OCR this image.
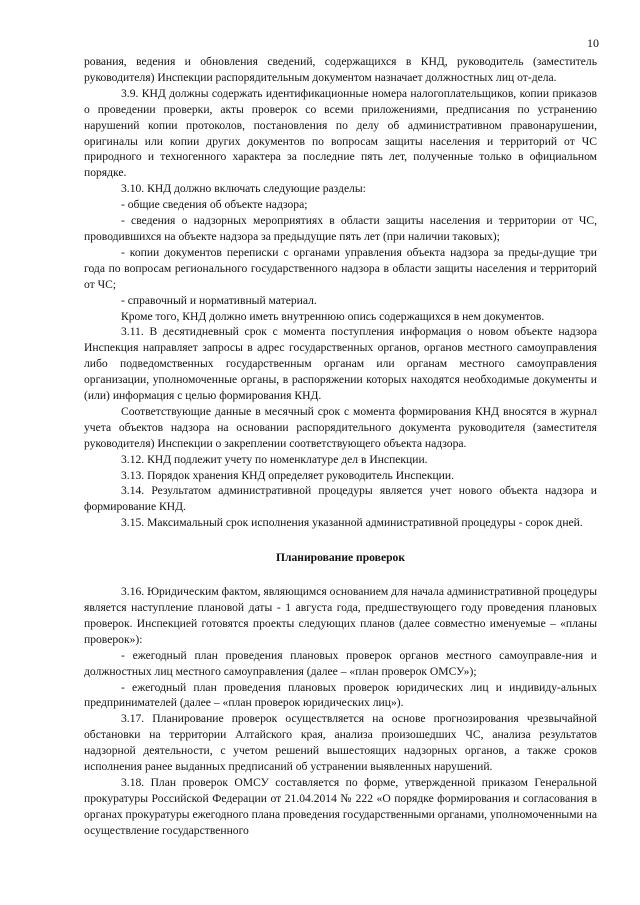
10

рования, ведения и обновления сведений, содержащихся в КНД, руководитель (заместитель руководителя) Инспекции распорядительным документом назначает должностных лиц от-дела.

3.9. КНД должны содержать идентификационные номера налогоплательщиков, копии приказов о проведении проверки, акты проверок со всеми приложениями, предписания по устранению нарушений копии протоколов, постановления по делу об административном правонарушении, оригиналы или копии других документов по вопросам защиты населения и территорий от ЧС природного и техногенного характера за последние пять лет, полученные только в официальном порядке.

3.10. КНД должно включать следующие разделы:

- общие сведения об объекте надзора;

- сведения о надзорных мероприятиях в области защиты населения и территории от ЧС, проводившихся на объекте надзора за предыдущие пять лет (при наличии таковых);

- копии документов переписки с органами управления объекта надзора за преды-дущие три года по вопросам регионального государственного надзора в области защиты населения и территорий от ЧС;

- справочный и нормативный материал.

Кроме того, КНД должно иметь внутреннюю опись содержащихся в нем документов.

3.11. В десятидневный срок с момента поступления информация о новом объекте надзора Инспекция направляет запросы в адрес государственных органов, органов местного самоуправления либо подведомственных государственным органам или органам местного самоуправления организации, уполномоченные органы, в распоряжении которых находятся необходимые документы и (или) информация с целью формирования КНД.

Соответствующие данные в месячный срок с момента формирования КНД вносятся в журнал учета объектов надзора на основании распорядительного документа руководителя (заместителя руководителя) Инспекции о закреплении соответствующего объекта надзора.

3.12. КНД подлежит учету по номенклатуре дел в Инспекции.

3.13. Порядок хранения КНД определяет руководитель Инспекции.

3.14. Результатом административной процедуры является учет нового объекта надзора и формирование КНД.

3.15. Максимальный срок исполнения указанной административной процедуры - сорок дней.

Планирование проверок

3.16. Юридическим фактом, являющимся основанием для начала административной процедуры является наступление плановой даты - 1 августа года, предшествующего году проведения плановых проверок. Инспекцией готовятся проекты следующих планов (далее совместно именуемые – «планы проверок»):

- ежегодный план проведения плановых проверок органов местного самоуправле-ния и должностных лиц местного самоуправления (далее – «план проверок ОМСУ»);

- ежегодный план проведения плановых проверок юридических лиц и индивиду-альных предпринимателей (далее – «план проверок юридических лиц»).

3.17. Планирование проверок осуществляется на основе прогнозирования чрезвычайной обстановки на территории Алтайского края, анализа произошедших ЧС, анализа результатов надзорной деятельности, с учетом решений вышестоящих надзорных органов, а также сроков исполнения ранее выданных предписаний об устранении выявленных нарушений.

3.18. План проверок ОМСУ составляется по форме, утвержденной приказом Генеральной прокуратуры Российской Федерации от 21.04.2014 № 222 «О порядке формирования и согласования в органах прокуратуры ежегодного плана проведения государственными органами, уполномоченными на осуществление государственного
